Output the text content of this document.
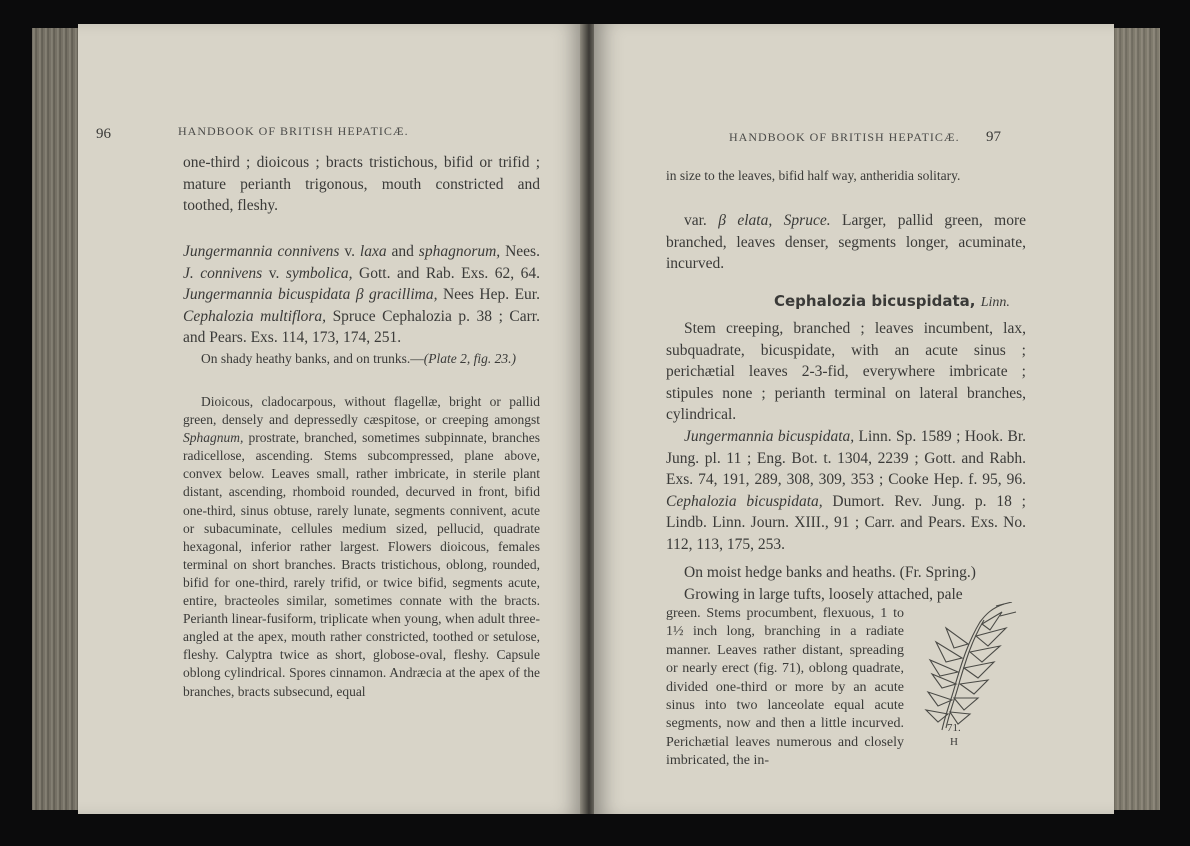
96	HANDBOOK OF BRITISH HEPATICÆ.
one-third ; dioicous ; bracts tristichous, bifid or trifid ; mature perianth trigonous, mouth constricted and toothed, fleshy.
Jungermannia connivens v. laxa and sphagnorum, Nees. J. connivens v. symbolica, Gott. and Rab. Exs. 62, 64. Jungermannia bicuspidata β gracillima, Nees Hep. Eur. Cephalozia multiflora, Spruce Cephalozia p. 38 ; Carr. and Pears. Exs. 114, 173, 174, 251.
On shady heathy banks, and on trunks.—(Plate 2, fig. 23.)
Dioicous, cladocarpous, without flagellæ, bright or pallid green, densely and depressedly cæspitose, or creeping amongst Sphagnum, prostrate, branched, sometimes subpinnate, branches radicellose, ascending. Stems subcompressed, plane above, convex below. Leaves small, rather imbricate, in sterile plant distant, ascending, rhomboid rounded, decurved in front, bifid one-third, sinus obtuse, rarely lunate, segments connivent, acute or subacuminate, cellules medium sized, pellucid, quadrate hexagonal, inferior rather largest. Flowers dioicous, females terminal on short branches. Bracts tristichous, oblong, rounded, bifid for one-third, rarely trifid, or twice bifid, segments acute, entire, bracteoles similar, sometimes connate with the bracts. Perianth linear-fusiform, triplicate when young, when adult three-angled at the apex, mouth rather constricted, toothed or setulose, fleshy. Calyptra twice as short, globose-oval, fleshy. Capsule oblong cylindrical. Spores cinnamon. Andræcia at the apex of the branches, bracts subsecund, equal
HANDBOOK OF BRITISH HEPATICÆ. 97
in size to the leaves, bifid half way, antheridia solitary.
var. β elata, Spruce. Larger, pallid green, more branched, leaves denser, segments longer, acuminate, incurved.
Cephalozia bicuspidata, Linn.
Stem creeping, branched ; leaves incumbent, lax, subquadrate, bicuspidate, with an acute sinus ; perichætial leaves 2-3-fid, everywhere imbricate ; stipules none ; perianth terminal on lateral branches, cylindrical.
Jungermannia bicuspidata, Linn. Sp. 1589 ; Hook. Br. Jung. pl. 11 ; Eng. Bot. t. 1304, 2239 ; Gott. and Rabh. Exs. 74, 191, 289, 308, 309, 353 ; Cooke Hep. f. 95, 96. Cephalozia bicuspidata, Dumort. Rev. Jung. p. 18 ; Lindb. Linn. Journ. XIII., 91 ; Carr. and Pears. Exs. No. 112, 113, 175, 253.
On moist hedge banks and heaths. (Fr. Spring.)
Growing in large tufts, loosely attached, pale
green. Stems procumbent, flexuous, 1 to 1½ inch long, branching in a radiate manner. Leaves rather distant, spreading or nearly erect (fig. 71), oblong quadrate, divided one-third or more by an acute sinus into two lanceolate equal acute segments, now and then a little incurved. Perichætial leaves numerous and closely imbricated, the in-
71.
H
